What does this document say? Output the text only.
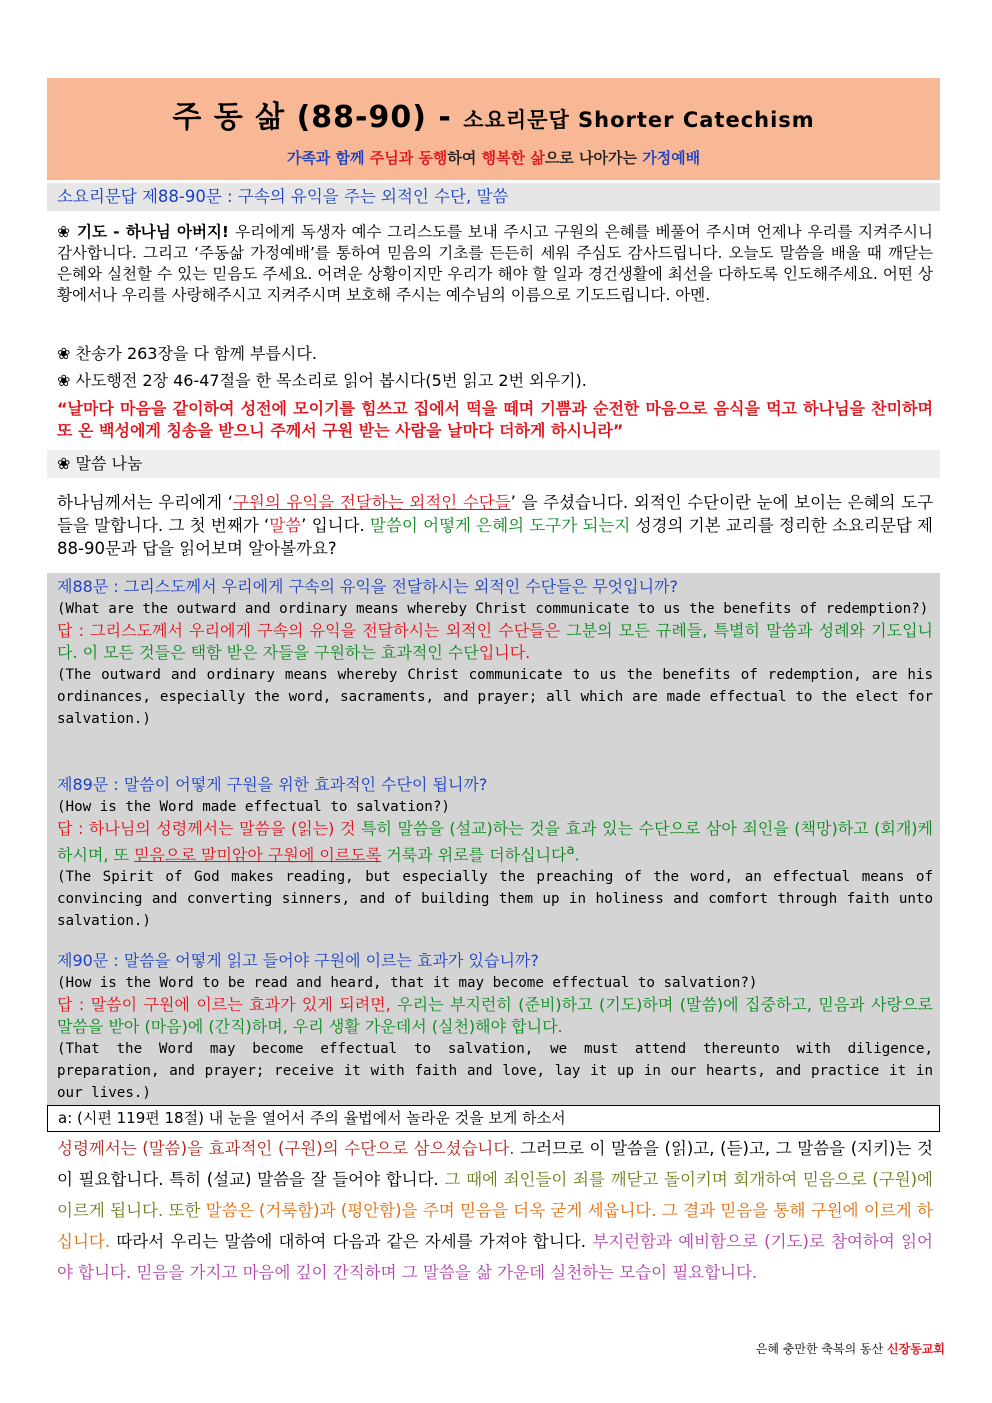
주 동 삶 (88-90) - 소요리문답 Shorter Catechism
가족과 함께 주님과 동행하여 행복한 삶으로 나아가는 가정예배
소요리문답 제88-90문 : 구속의 유익을 주는 외적인 수단, 말씀
❀ 기도 - 하나님 아버지! 우리에게 독생자 예수 그리스도를 보내 주시고 구원의 은혜를 베풀어 주시며 언제나 우리를 지켜주시니 감사합니다. 그리고 ‘주동삶 가정예배’를 통하여 믿음의 기초를 든든히 세워 주심도 감사드립니다. 오늘도 말씀을 배울 때 깨닫는 은혜와 실천할 수 있는 믿음도 주세요. 어려운 상황이지만 우리가 해야 할 일과 경건생활에 최선을 다하도록 인도해주세요. 어떤 상황에서나 우리를 사랑해주시고 지켜주시며 보호해 주시는 예수님의 이름으로 기도드립니다. 아멘.
❀ 찬송가 263장을 다 함께 부릅시다.
❀ 사도행전 2장 46-47절을 한 목소리로 읽어 봅시다(5번 읽고 2번 외우기).
“날마다 마음을 같이하여 성전에 모이기를 힘쓰고 집에서 떡을 떼며 기쁨과 순전한 마음으로 음식을 먹고 하나님을 찬미하며 또 온 백성에게 칭송을 받으니 주께서 구원 받는 사람을 날마다 더하게 하시니라”
❀ 말씀 나눔
하나님께서는 우리에게 ‘구원의 유익을 전달하는 외적인 수단들’ 을 주셨습니다. 외적인 수단이란 눈에 보이는 은혜의 도구들을 말합니다. 그 첫 번째가 ‘말씀’ 입니다. 말씀이 어떻게 은혜의 도구가 되는지 성경의 기본 교리를 정리한 소요리문답 제88-90문과 답을 읽어보며 알아볼까요?
제88문 : 그리스도께서 우리에게 구속의 유익을 전달하시는 외적인 수단들은 무엇입니까?
(What are the outward and ordinary means whereby Christ communicate to us the benefits of redemption?)
답 : 그리스도께서 우리에게 구속의 유익을 전달하시는 외적인 수단들은 그분의 모든 규례들, 특별히 말씀과 성례와 기도입니다. 이 모든 것들은 택함 받은 자들을 구원하는 효과적인 수단입니다.
(The outward and ordinary means whereby Christ communicate to us the benefits of redemption, are his ordinances, especially the word, sacraments, and prayer; all which are made effectual to the elect for salvation.)
제89문 : 말씀이 어떻게 구원을 위한 효과적인 수단이 됩니까?
(How is the Word made effectual to salvation?)
답 : 하나님의 성령께서는 말씀을 (읽는) 것 특히 말씀을 (설교)하는 것을 효과 있는 수단으로 삼아 죄인을 (책망)하고 (회개)케 하시며, 또 믿음으로 말미암아 구원에 이르도록 거룩과 위로를 더하십니다$^a$.
(The Spirit of God makes reading, but especially the preaching of the word, an effectual means of convincing and converting sinners, and of building them up in holiness and comfort through faith unto salvation.)
제90문 : 말씀을 어떻게 읽고 들어야 구원에 이르는 효과가 있습니까?
(How is the Word to be read and heard, that it may become effectual to salvation?)
답 : 말씀이 구원에 이르는 효과가 있게 되려면, 우리는 부지런히 (준비)하고 (기도)하며 (말씀)에 집중하고, 믿음과 사랑으로 말씀을 받아 (마음)에 (간직)하며, 우리 생활 가운데서 (실천)해야 합니다.
(That the Word may become effectual to salvation, we must attend thereunto with diligence, preparation, and prayer; receive it with faith and love, lay it up in our hearts, and practice it in our lives.)
a: (시편 119편 18절) 내 눈을 열어서 주의 율법에서 놀라운 것을 보게 하소서
성령께서는 (말씀)을 효과적인 (구원)의 수단으로 삼으셨습니다. 그러므로 이 말씀을 (읽)고, (듣)고, 그 말씀을 (지키)는 것이 필요합니다. 특히 (설교) 말씀을 잘 들어야 합니다. 그 때에 죄인들이 죄를 깨닫고 돌이키며 회개하여 믿음으로 (구원)에 이르게 됩니다. 또한 말씀은 (거룩함)과 (평안함)을 주며 믿음을 더욱 굳게 세웁니다. 그 결과 믿음을 통해 구원에 이르게 하십니다. 따라서 우리는 말씀에 대하여 다음과 같은 자세를 가져야 합니다. 부지런함과 예비함으로 (기도)로 참여하여 읽어야 합니다. 믿음을 가지고 마음에 깊이 간직하며 그 말씀을 삶 가운데 실천하는 모습이 필요합니다.
은혜 충만한 축복의 동산 신장동교회
